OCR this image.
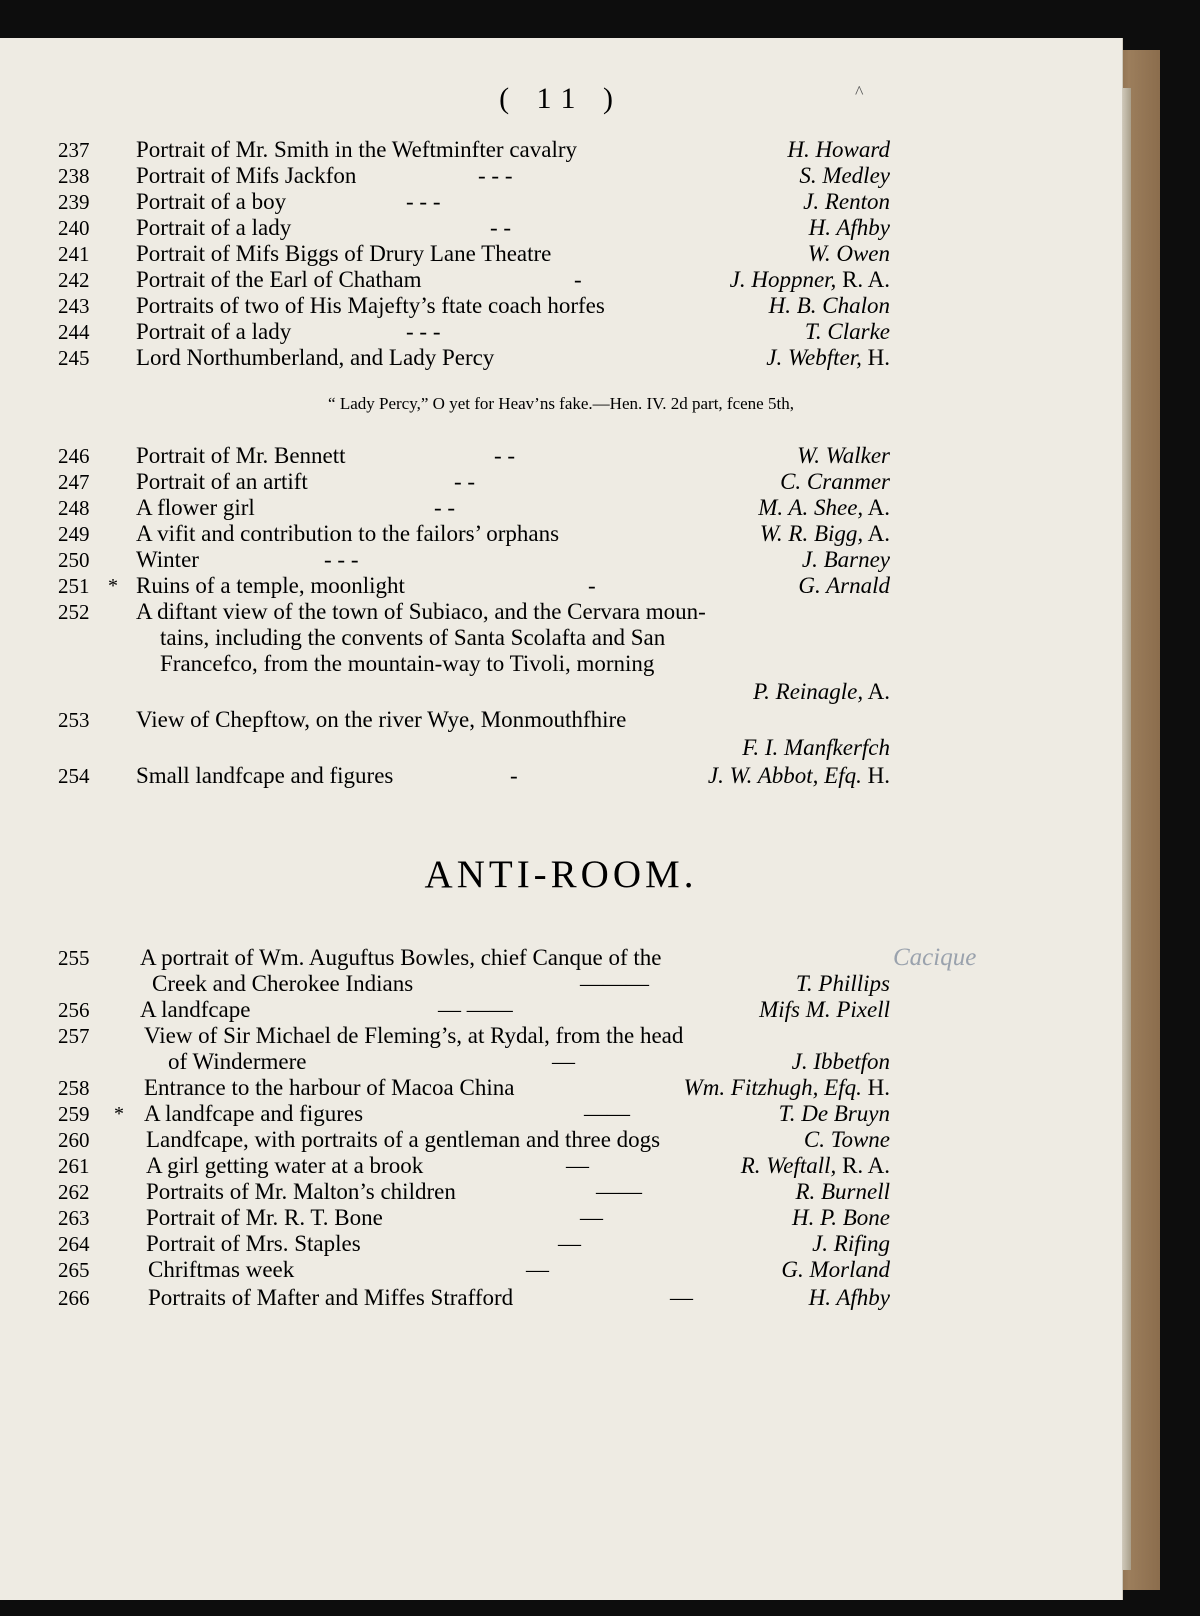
( 11 )	^
237 Portrait of Mr. Smith in the Weftminfter cavalry	H. Howard
238 Portrait of Mifs Jackfon	- - -	S. Medley
239 Portrait of a boy	- - -	J. Renton
240 Portrait of a lady	- -	H. Afhby
241 Portrait of Mifs Biggs of Drury Lane Theatre	W. Owen
242 Portrait of the Earl of Chatham	-	J. Hoppner, R. A.
243 Portraits of two of His Majefty’s ftate coach horfes	H. B. Chalon
244 Portrait of a lady	- - -	T. Clarke
245 Lord Northumberland, and Lady Percy	J. Webfter, H.
“ Lady Percy,” O yet for Heav’ns fake.—Hen. IV. 2d part, fcene 5th,
246 Portrait of Mr. Bennett	- -	W. Walker
247 Portrait of an artift	- -	C. Cranmer
248 A flower girl	- -	M. A. Shee, A.
249 A vifit and contribution to the failors’ orphans	W. R. Bigg, A.
250 Winter	- - -	J. Barney
251 * Ruins of a temple, moonlight	-	G. Arnald
252 A diftant view of the town of Subiaco, and the Cervara moun-
tains, including the convents of Santa Scolafta and San
Francefco, from the mountain-way to Tivoli, morning
P. Reinagle, A.
253 View of Chepftow, on the river Wye, Monmouthfhire
F. I. Manfkerfch
254 Small landfcape and figures	-	J. W. Abbot, Efq. H.
ANTI-ROOM.
255 A portrait of Wm. Auguftus Bowles, chief Canque of the	Cacique
Creek and Cherokee Indians	———	T. Phillips
256 A landfcape	— ——	Mifs M. Pixell
257 View of Sir Michael de Fleming’s, at Rydal, from the head
of Windermere	—	J. Ibbetfon
258 Entrance to the harbour of Macoa China	Wm. Fitzhugh, Efq. H.
259 * A landfcape and figures	——	T. De Bruyn
260 Landfcape, with portraits of a gentleman and three dogs	C. Towne
261 A girl getting water at a brook	—	R. Weftall, R. A.
262 Portraits of Mr. Malton’s children	——	R. Burnell
263 Portrait of Mr. R. T. Bone	—	H. P. Bone
264 Portrait of Mrs. Staples	—	J. Rifing
265	Chriftmas week	—	G. Morland
266	Portraits of Mafter and Miffes Strafford	—	H. Afhby
